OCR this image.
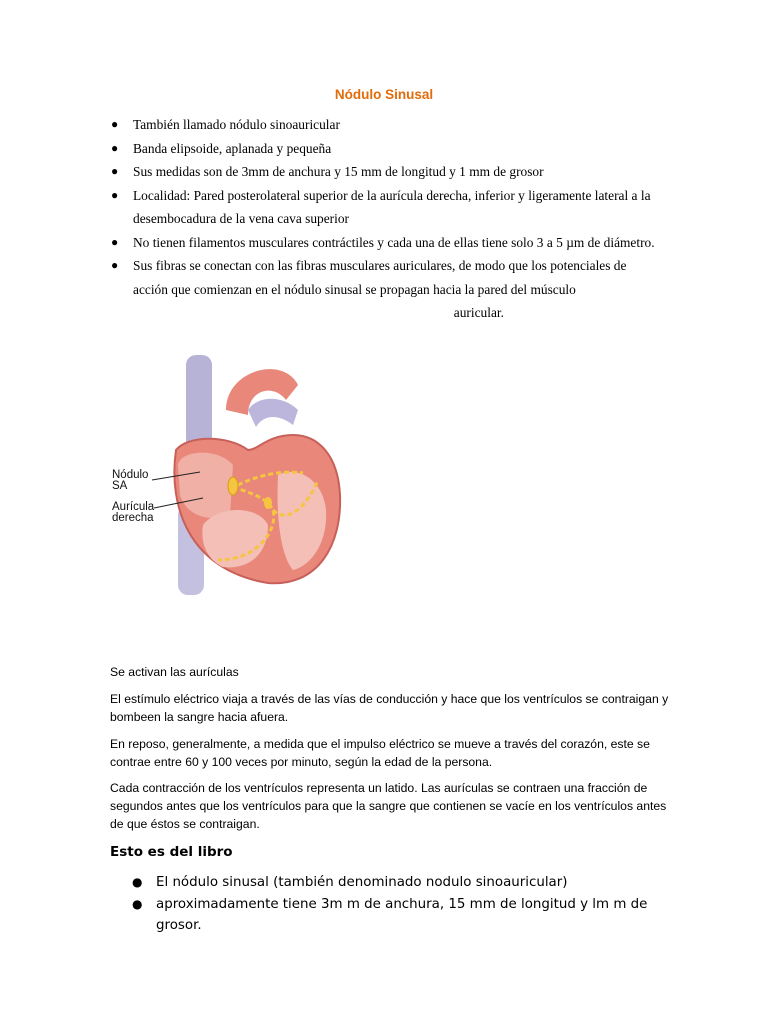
Nódulo Sinusal
● También llamado nódulo sinoauricular
● Banda elipsoide, aplanada y pequeña
● Sus medidas son de 3mm de anchura y 15 mm de longitud y 1 mm de grosor
● Localidad: Pared posterolateral superior de la aurícula derecha, inferior y ligeramente lateral a la desembocadura de la vena cava superior
● No tienen filamentos musculares contráctiles y cada una de ellas tiene solo 3 a 5 µm de diámetro.
● Sus fibras se conectan con las fibras musculares auriculares, de modo que los potenciales de acción que comienzan en el nódulo sinusal se propagan hacia la pared del músculo
auricular.
Nódulo
SA
Aurícula
derecha

Se activan las aurículas

El estímulo eléctrico viaja a través de las vías de conducción y hace que los ventrículos se contraigan y bombeen la sangre hacia afuera.

En reposo, generalmente, a medida que el impulso eléctrico se mueve a través del corazón, este se contrae entre 60 y 100 veces por minuto, según la edad de la persona.

Cada contracción de los ventrículos representa un latido. Las aurículas se contraen una fracción de segundos antes que los ventrículos para que la sangre que contienen se vacíe en los ventrículos antes de que éstos se contraigan.

Esto es del libro

● El nódulo sinusal (también denominado nodulo sinoauricular)
● aproximadamente tiene 3m m de anchura, 15 mm de longitud y lm m de grosor.
